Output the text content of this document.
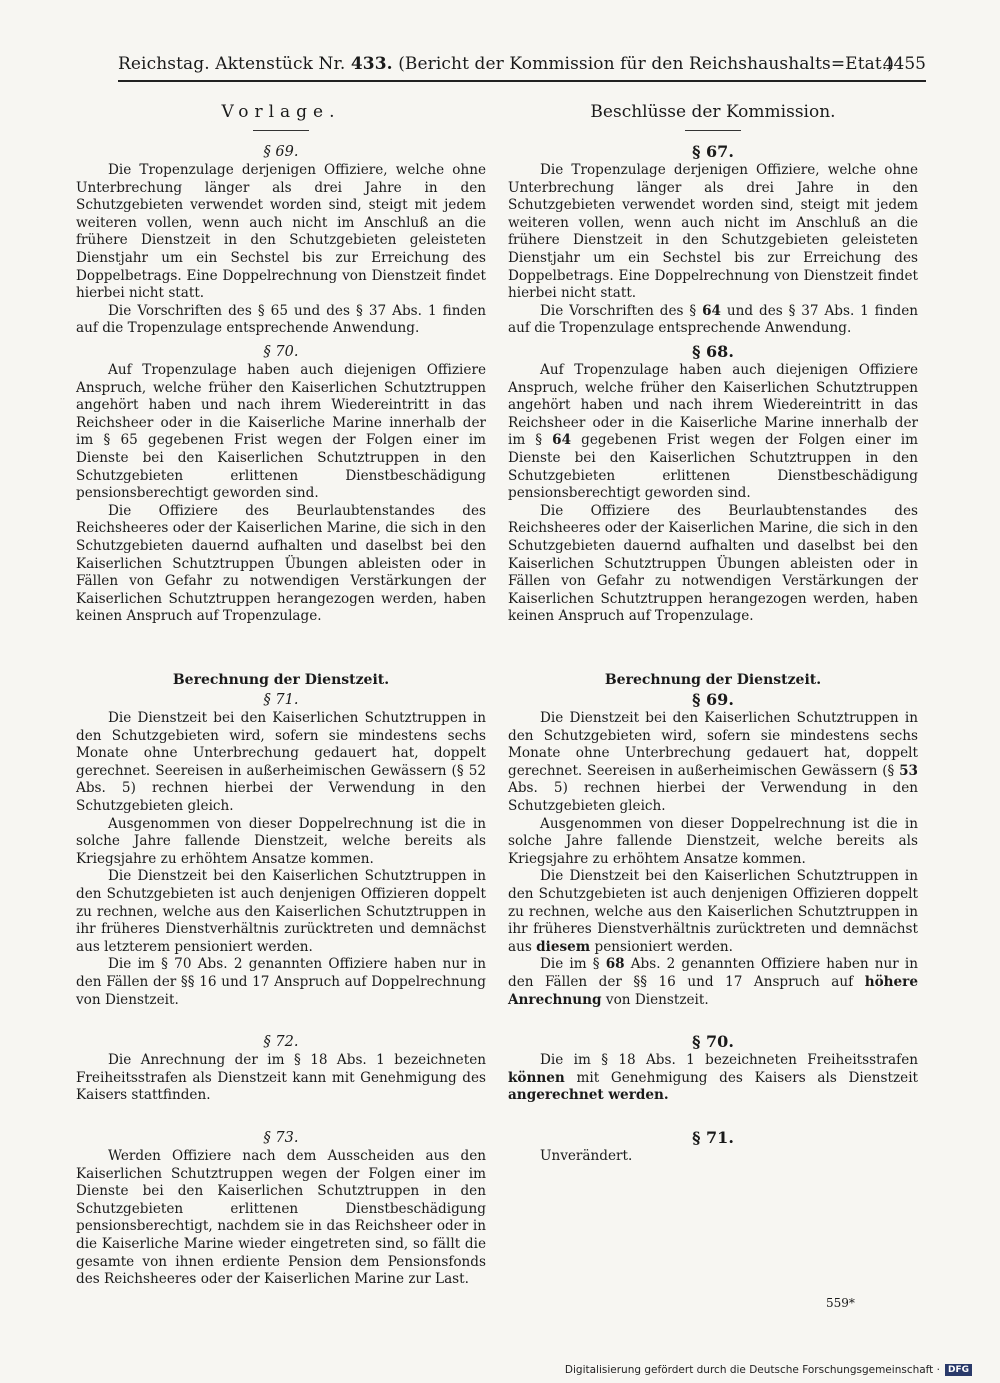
Reichstag. Aktenstück Nr. 433. (Bericht der Kommission für den Reichshaushalts=Etat.)
4455
Vorlage.
§ 69.

Die Tropenzulage derjenigen Offiziere, welche ohne Unterbrechung länger als drei Jahre in den Schutzgebieten verwendet worden sind, steigt mit jedem weiteren vollen, wenn auch nicht im Anschluß an die frühere Dienstzeit in den Schutzgebieten geleisteten Dienstjahr um ein Sechstel bis zur Erreichung des Doppelbetrags. Eine Doppelrechnung von Dienstzeit findet hierbei nicht statt.

Die Vorschriften des § 65 und des § 37 Abs. 1 finden auf die Tropenzulage entsprechende Anwendung.

§ 70.

Auf Tropenzulage haben auch diejenigen Offiziere Anspruch, welche früher den Kaiserlichen Schutztruppen angehört haben und nach ihrem Wiedereintritt in das Reichsheer oder in die Kaiserliche Marine innerhalb der im § 65 gegebenen Frist wegen der Folgen einer im Dienste bei den Kaiserlichen Schutztruppen in den Schutzgebieten erlittenen Dienstbeschädigung pensionsberechtigt geworden sind.

Die Offiziere des Beurlaubtenstandes des Reichsheeres oder der Kaiserlichen Marine, die sich in den Schutzgebieten dauernd aufhalten und daselbst bei den Kaiserlichen Schutztruppen Übungen ableisten oder in Fällen von Gefahr zu notwendigen Verstärkungen der Kaiserlichen Schutztruppen herangezogen werden, haben keinen Anspruch auf Tropenzulage.

Berechnung der Dienstzeit.
§ 71.

Die Dienstzeit bei den Kaiserlichen Schutztruppen in den Schutzgebieten wird, sofern sie mindestens sechs Monate ohne Unterbrechung gedauert hat, doppelt gerechnet. Seereisen in außerheimischen Gewässern (§ 52 Abs. 5) rechnen hierbei der Verwendung in den Schutzgebieten gleich.

Ausgenommen von dieser Doppelrechnung ist die in solche Jahre fallende Dienstzeit, welche bereits als Kriegsjahre zu erhöhtem Ansatze kommen.

Die Dienstzeit bei den Kaiserlichen Schutztruppen in den Schutzgebieten ist auch denjenigen Offizieren doppelt zu rechnen, welche aus den Kaiserlichen Schutztruppen in ihr früheres Dienstverhältnis zurücktreten und demnächst aus letzterem pensioniert werden.

Die im § 70 Abs. 2 genannten Offiziere haben nur in den Fällen der §§ 16 und 17 Anspruch auf Doppelrechnung von Dienstzeit.

§ 72.

Die Anrechnung der im § 18 Abs. 1 bezeichneten Freiheitsstrafen als Dienstzeit kann mit Genehmigung des Kaisers stattfinden.

§ 73.

Werden Offiziere nach dem Ausscheiden aus den Kaiserlichen Schutztruppen wegen der Folgen einer im Dienste bei den Kaiserlichen Schutztruppen in den Schutzgebieten erlittenen Dienstbeschädigung pensionsberechtigt, nachdem sie in das Reichsheer oder in die Kaiserliche Marine wieder eingetreten sind, so fällt die gesamte von ihnen erdiente Pension dem Pensionsfonds des Reichsheeres oder der Kaiserlichen Marine zur Last.

Beschlüsse der Kommission.
§ 67.

Die Tropenzulage derjenigen Offiziere, welche ohne Unterbrechung länger als drei Jahre in den Schutzgebieten verwendet worden sind, steigt mit jedem weiteren vollen, wenn auch nicht im Anschluß an die frühere Dienstzeit in den Schutzgebieten geleisteten Dienstjahr um ein Sechstel bis zur Erreichung des Doppelbetrags. Eine Doppelrechnung von Dienstzeit findet hierbei nicht statt.

Die Vorschriften des § 64 und des § 37 Abs. 1 finden auf die Tropenzulage entsprechende Anwendung.

§ 68.

Auf Tropenzulage haben auch diejenigen Offiziere Anspruch, welche früher den Kaiserlichen Schutztruppen angehört haben und nach ihrem Wiedereintritt in das Reichsheer oder in die Kaiserliche Marine innerhalb der im § 64 gegebenen Frist wegen der Folgen einer im Dienste bei den Kaiserlichen Schutztruppen in den Schutzgebieten erlittenen Dienstbeschädigung pensionsberechtigt geworden sind.

Die Offiziere des Beurlaubtenstandes des Reichsheeres oder der Kaiserlichen Marine, die sich in den Schutzgebieten dauernd aufhalten und daselbst bei den Kaiserlichen Schutztruppen Übungen ableisten oder in Fällen von Gefahr zu notwendigen Verstärkungen der Kaiserlichen Schutztruppen herangezogen werden, haben keinen Anspruch auf Tropenzulage.

Berechnung der Dienstzeit.
§ 69.

Die Dienstzeit bei den Kaiserlichen Schutztruppen in den Schutzgebieten wird, sofern sie mindestens sechs Monate ohne Unterbrechung gedauert hat, doppelt gerechnet. Seereisen in außerheimischen Gewässern (§ 53 Abs. 5) rechnen hierbei der Verwendung in den Schutzgebieten gleich.

Ausgenommen von dieser Doppelrechnung ist die in solche Jahre fallende Dienstzeit, welche bereits als Kriegsjahre zu erhöhtem Ansatze kommen.

Die Dienstzeit bei den Kaiserlichen Schutztruppen in den Schutzgebieten ist auch denjenigen Offizieren doppelt zu rechnen, welche aus den Kaiserlichen Schutztruppen in ihr früheres Dienstverhältnis zurücktreten und demnächst aus diesem pensioniert werden.

Die im § 68 Abs. 2 genannten Offiziere haben nur in den Fällen der §§ 16 und 17 Anspruch auf höhere Anrechnung von Dienstzeit.

§ 70.

Die im § 18 Abs. 1 bezeichneten Freiheitsstrafen können mit Genehmigung des Kaisers als Dienstzeit angerechnet werden.

§ 71.

Unverändert.

559*
Digitalisierung gefördert durch die Deutsche Forschungsgemeinschaft · DFG
